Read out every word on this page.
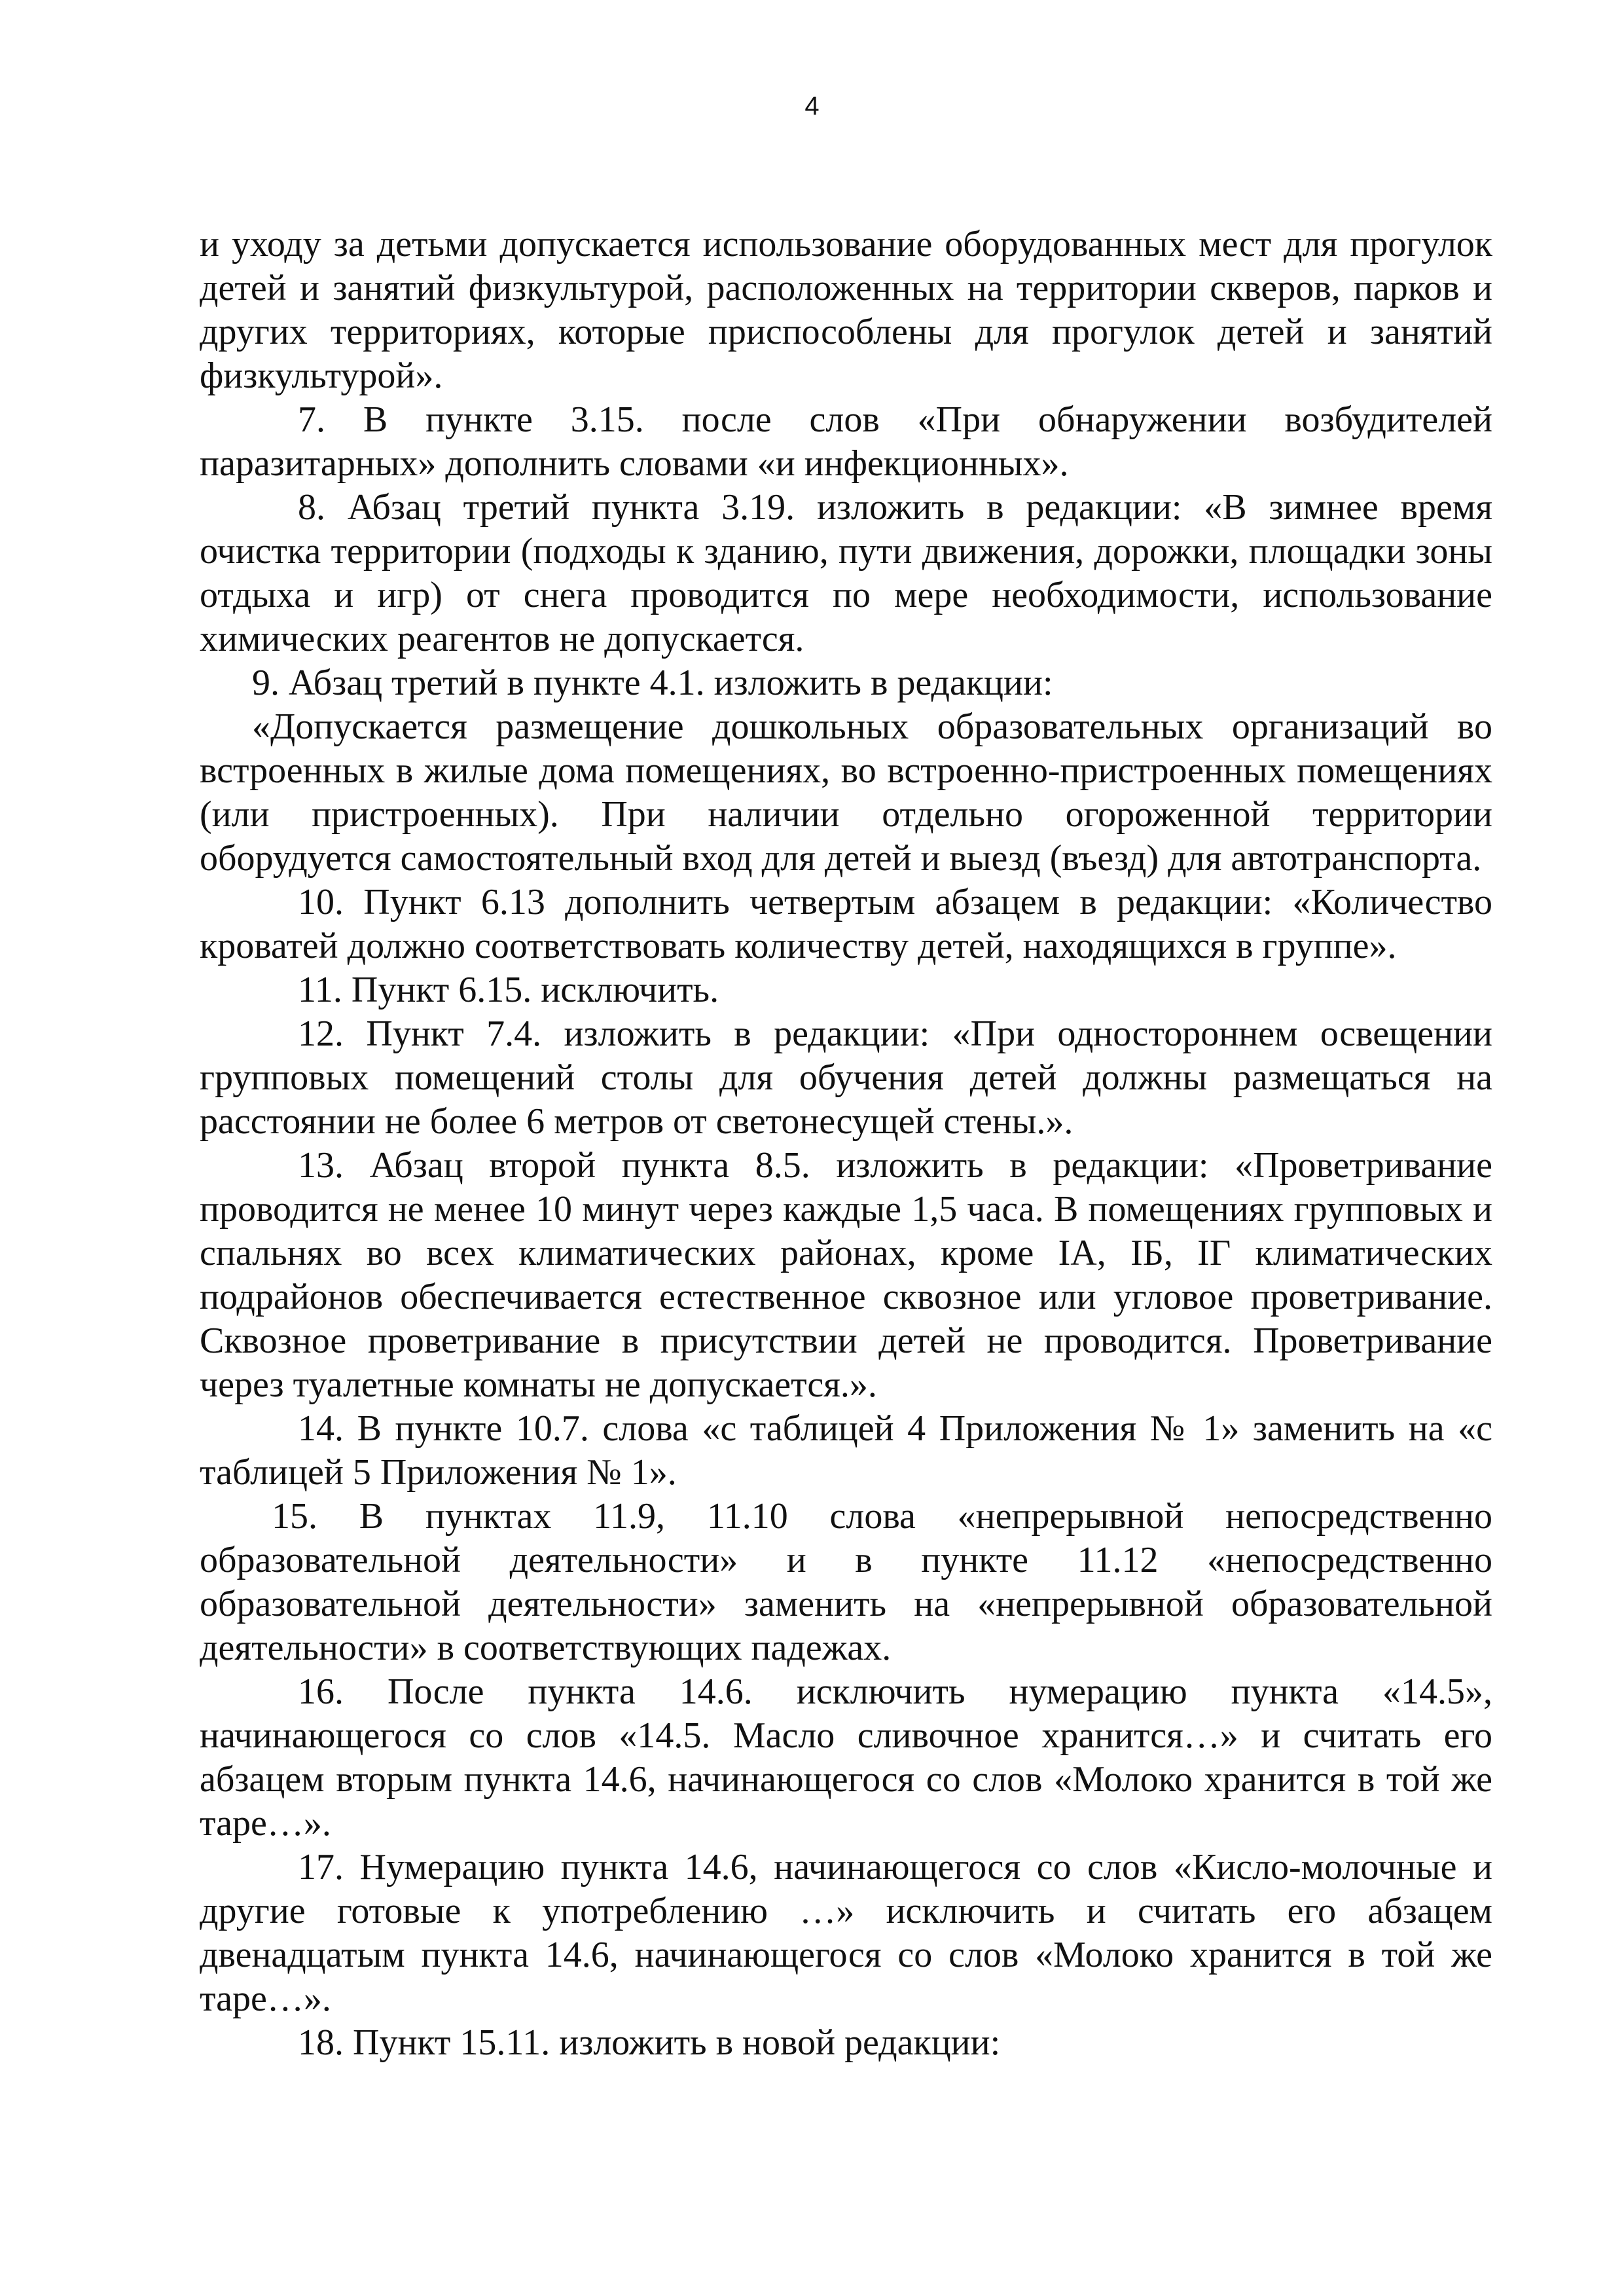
4

и уходу за детьми допускается использование оборудованных мест для прогулок детей и занятий физкультурой, расположенных на территории скверов, парков и других территориях, которые приспособлены для прогулок детей и занятий физкультурой».

7. В пункте 3.15. после слов «При обнаружении возбудителей паразитарных» дополнить словами «и инфекционных».

8. Абзац третий пункта 3.19. изложить в редакции: «В зимнее время очистка территории (подходы к зданию, пути движения, дорожки, площадки зоны отдыха и игр) от снега проводится по мере необходимости, использование химических реагентов не допускается.

9. Абзац третий в пункте 4.1. изложить в редакции:

«Допускается размещение дошкольных образовательных организаций во встроенных в жилые дома помещениях, во встроенно-пристроенных помещениях (или пристроенных). При наличии отдельно огороженной территории оборудуется самостоятельный вход для детей и выезд (въезд) для автотранспорта.

10. Пункт 6.13 дополнить четвертым абзацем в редакции: «Количество кроватей должно соответствовать количеству детей, находящихся в группе».

11. Пункт 6.15. исключить.

12. Пункт 7.4. изложить в редакции: «При одностороннем освещении групповых помещений столы для обучения детей должны размещаться на расстоянии не более 6 метров от светонесущей стены.».

13. Абзац второй пункта 8.5. изложить в редакции: «Проветривание проводится не менее 10 минут через каждые 1,5 часа. В помещениях групповых и спальнях во всех климатических районах, кроме IA, IБ, IГ климатических подрайонов обеспечивается естественное сквозное или угловое проветривание. Сквозное проветривание в присутствии детей не проводится. Проветривание через туалетные комнаты не допускается.».

14. В пункте 10.7. слова «с таблицей 4 Приложения № 1» заменить на «с таблицей 5 Приложения № 1».

15. В пунктах 11.9, 11.10 слова «непрерывной непосредственно образовательной деятельности» и в пункте 11.12 «непосредственно образовательной деятельности» заменить на «непрерывной образовательной деятельности» в соответствующих падежах.

16. После пункта 14.6. исключить нумерацию пункта «14.5», начинающегося со слов «14.5. Масло сливочное хранится…» и считать его абзацем вторым пункта 14.6, начинающегося со слов «Молоко хранится в той же таре…».

17. Нумерацию пункта 14.6, начинающегося со слов «Кисло-молочные и другие готовые к употреблению …» исключить и считать его абзацем двенадцатым пункта 14.6, начинающегося со слов «Молоко хранится в той же таре…».

18. Пункт 15.11. изложить в новой редакции:
